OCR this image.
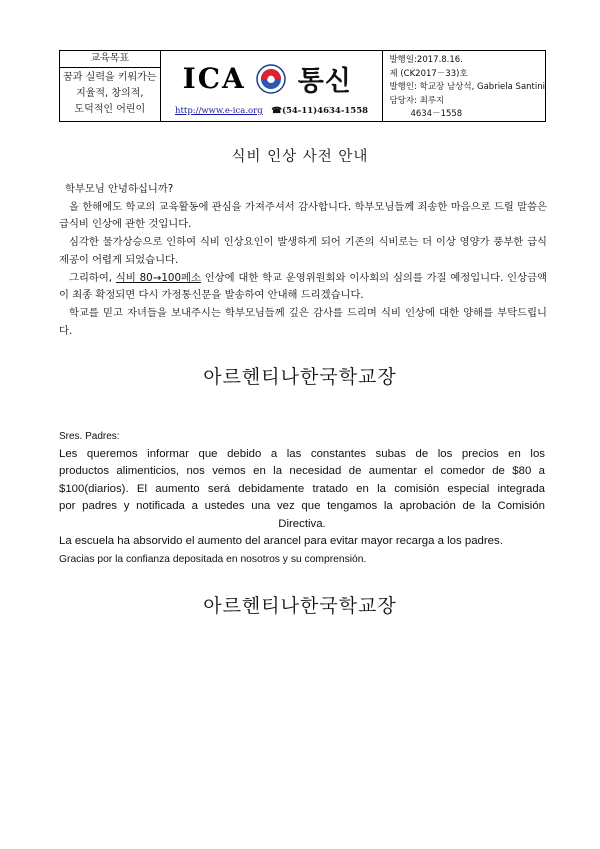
교육목표
꿈과 실력을 키워가는
지율적, 창의적,
도덕적인 어린이
ICA 통신
http://www.e-ica.org ☎(54-11)4634-1558
발행일:2017.8.16.
제 (CK2017－33)호
발행인: 학교장 남상석, Gabriela Santini
담당자: 최루지
4634－1558
식비 인상 사전 안내

학부모님 안녕하십니까?

올 한해에도 학교의 교육활동에 관심을 가져주셔서 감사합니다. 학부모님들께 죄송한 마음으로 드릴 말씀은 급식비 인상에 관한 것입니다.

심각한 물가상승으로 인하여 식비 인상요인이 발생하게 되어 기존의 식비로는 더 이상 영양가 풍부한 급식제공이 어렵게 되었습니다.

그리하여, 식비 80→100페소 인상에 대한 학교 운영위원회와 이사회의 심의를 가질 예정입니다. 인상금액이 최종 확정되면 다시 가정통신문을 발송하여 안내해 드리겠습니다.

학교를 믿고 자녀들을 보내주시는 학부모님들께 깊은 감사를 드리며 식비 인상에 대한 양해를 부탁드립니다.

아르헨티나한국학교장

Sres. Padres:

Les queremos informar que debido a las constantes subas de los precios en los

productos alimenticios, nos vemos en la necesidad de aumentar el comedor de $80 a

$100(diarios). El aumento será debidamente tratado en la comisión especial integrada

por padres y notificada a ustedes una vez que tengamos la aprobación de la Comisión

Directiva.

La escuela ha absorvido el aumento del arancel para evitar mayor recarga a los padres.

Gracias por la confianza depositada en nosotros y su comprensión.

아르헨티나한국학교장
